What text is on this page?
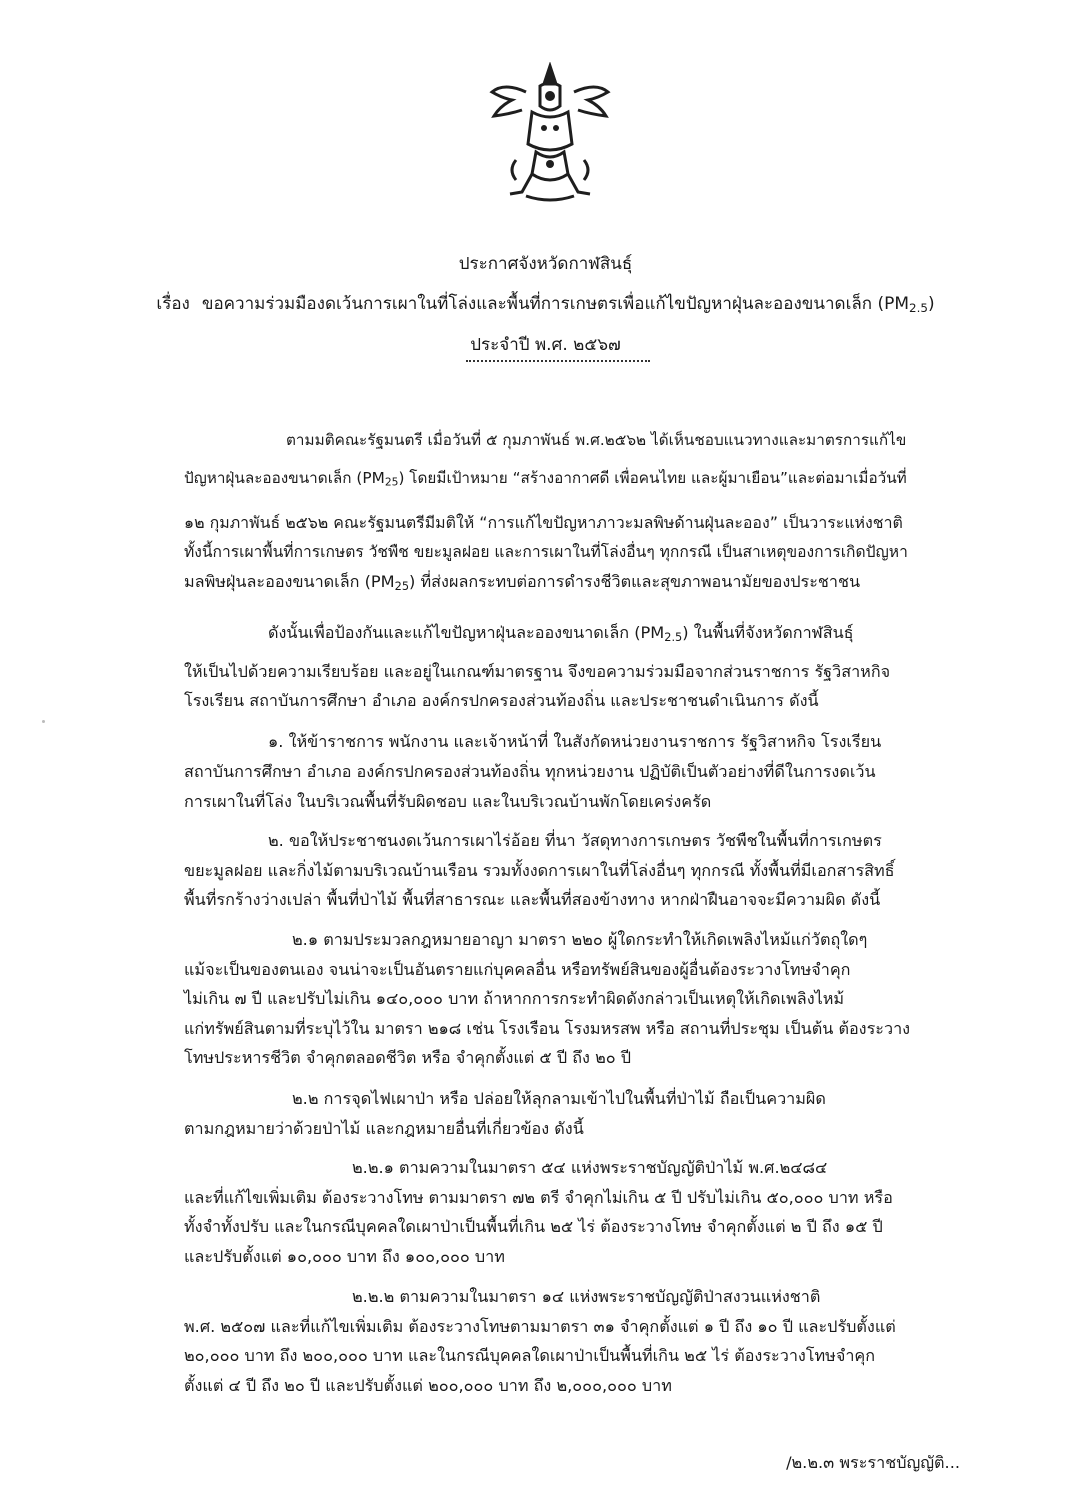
ประกาศจังหวัดกาฬสินธุ์
เรื่อง ขอความร่วมมืองดเว้นการเผาในที่โล่งและพื้นที่การเกษตรเพื่อแก้ไขปัญหาฝุ่นละอองขนาดเล็ก $(PM_{2.5})$
ประจำปี พ.ศ. ๒๕๖๗
ตามมติคณะรัฐมนตรี เมื่อวันที่ ๕ กุมภาพันธ์ พ.ศ.๒๕๖๒ ได้เห็นชอบแนวทางและมาตรการแก้ไข
ปัญหาฝุ่นละอองขนาดเล็ก $(PM_{25})$ โดยมีเป้าหมาย “สร้างอากาศดี เพื่อคนไทย และผู้มาเยือน”และต่อมาเมื่อวันที่
๑๒ กุมภาพันธ์ ๒๕๖๒ คณะรัฐมนตรีมีมติให้ “การแก้ไขปัญหาภาวะมลพิษด้านฝุ่นละออง” เป็นวาระแห่งชาติ
ทั้งนี้การเผาพื้นที่การเกษตร วัชพืช ขยะมูลฝอย และการเผาในที่โล่งอื่นๆ ทุกกรณี เป็นสาเหตุของการเกิดปัญหา
มลพิษฝุ่นละอองขนาดเล็ก $(PM_{25})$ ที่ส่งผลกระทบต่อการดำรงชีวิตและสุขภาพอนามัยของประชาชน
ดังนั้นเพื่อป้องกันและแก้ไขปัญหาฝุ่นละอองขนาดเล็ก $(PM_{2.5})$ ในพื้นที่จังหวัดกาฬสินธุ์
ให้เป็นไปด้วยความเรียบร้อย และอยู่ในเกณฑ์มาตรฐาน จึงขอความร่วมมือจากส่วนราชการ รัฐวิสาหกิจ
โรงเรียน สถาบันการศึกษา อำเภอ องค์กรปกครองส่วนท้องถิ่น และประชาชนดำเนินการ ดังนี้
๑. ให้ข้าราชการ พนักงาน และเจ้าหน้าที่ ในสังกัดหน่วยงานราชการ รัฐวิสาหกิจ โรงเรียน
สถาบันการศึกษา อำเภอ องค์กรปกครองส่วนท้องถิ่น ทุกหน่วยงาน ปฏิบัติเป็นตัวอย่างที่ดีในการงดเว้น
การเผาในที่โล่ง ในบริเวณพื้นที่รับผิดชอบ และในบริเวณบ้านพักโดยเคร่งครัด
๒. ขอให้ประชาชนงดเว้นการเผาไร่อ้อย ที่นา วัสดุทางการเกษตร วัชพืชในพื้นที่การเกษตร
ขยะมูลฝอย และกิ่งไม้ตามบริเวณบ้านเรือน รวมทั้งงดการเผาในที่โล่งอื่นๆ ทุกกรณี ทั้งพื้นที่มีเอกสารสิทธิ์
พื้นที่รกร้างว่างเปล่า พื้นที่ป่าไม้ พื้นที่สาธารณะ และพื้นที่สองข้างทาง หากฝ่าฝืนอาจจะมีความผิด ดังนี้
๒.๑ ตามประมวลกฎหมายอาญา มาตรา ๒๒๐ ผู้ใดกระทำให้เกิดเพลิงไหม้แก่วัตถุใดๆ
แม้จะเป็นของตนเอง จนน่าจะเป็นอันตรายแก่บุคคลอื่น หรือทรัพย์สินของผู้อื่นต้องระวางโทษจำคุก
ไม่เกิน ๗ ปี และปรับไม่เกิน ๑๔๐,๐๐๐ บาท ถ้าหากการกระทำผิดดังกล่าวเป็นเหตุให้เกิดเพลิงไหม้
แก่ทรัพย์สินตามที่ระบุไว้ใน มาตรา ๒๑๘ เช่น โรงเรือน โรงมหรสพ หรือ สถานที่ประชุม เป็นต้น ต้องระวาง
โทษประหารชีวิต จำคุกตลอดชีวิต หรือ จำคุกตั้งแต่ ๕ ปี ถึง ๒๐ ปี
๒.๒ การจุดไฟเผาป่า หรือ ปล่อยให้ลุกลามเข้าไปในพื้นที่ป่าไม้ ถือเป็นความผิด
ตามกฎหมายว่าด้วยป่าไม้ และกฎหมายอื่นที่เกี่ยวข้อง ดังนี้
๒.๒.๑ ตามความในมาตรา ๕๔ แห่งพระราชบัญญัติป่าไม้ พ.ศ.๒๔๘๔
และที่แก้ไขเพิ่มเติม ต้องระวางโทษ ตามมาตรา ๗๒ ตรี จำคุกไม่เกิน ๕ ปี ปรับไม่เกิน ๕๐,๐๐๐ บาท หรือ
ทั้งจำทั้งปรับ และในกรณีบุคคลใดเผาป่าเป็นพื้นที่เกิน ๒๕ ไร่ ต้องระวางโทษ จำคุกตั้งแต่ ๒ ปี ถึง ๑๕ ปี
และปรับตั้งแต่ ๑๐,๐๐๐ บาท ถึง ๑๐๐,๐๐๐ บาท
๒.๒.๒ ตามความในมาตรา ๑๔ แห่งพระราชบัญญัติป่าสงวนแห่งชาติ
พ.ศ. ๒๕๐๗ และที่แก้ไขเพิ่มเติม ต้องระวางโทษตามมาตรา ๓๑ จำคุกตั้งแต่ ๑ ปี ถึง ๑๐ ปี และปรับตั้งแต่
๒๐,๐๐๐ บาท ถึง ๒๐๐,๐๐๐ บาท และในกรณีบุคคลใดเผาป่าเป็นพื้นที่เกิน ๒๕ ไร่ ต้องระวางโทษจำคุก
ตั้งแต่ ๔ ปี ถึง ๒๐ ปี และปรับตั้งแต่ ๒๐๐,๐๐๐ บาท ถึง ๒,๐๐๐,๐๐๐ บาท
/๒.๒.๓ พระราชบัญญัติ...
